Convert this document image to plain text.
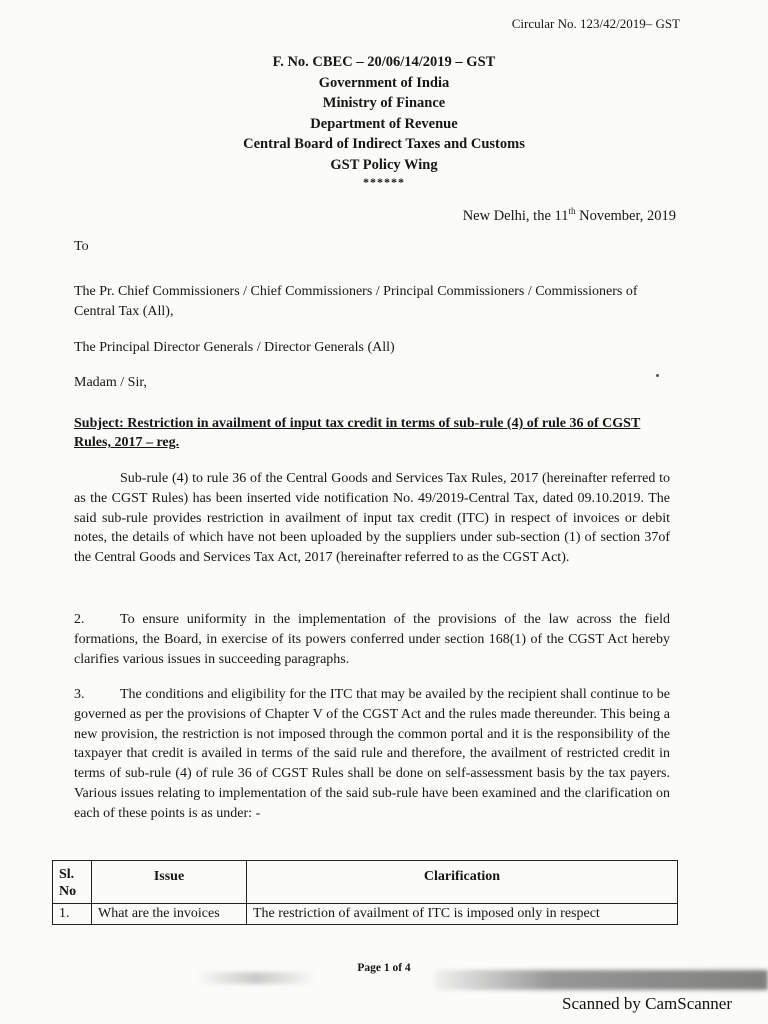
Circular No. 123/42/2019– GST
F. No. CBEC – 20/06/14/2019 – GST
Government of India
Ministry of Finance
Department of Revenue
Central Board of Indirect Taxes and Customs
GST Policy Wing
******
New Delhi, the 11th November, 2019
To
The Pr. Chief Commissioners / Chief Commissioners / Principal Commissioners / Commissioners of Central Tax (All),
The Principal Director Generals / Director Generals (All)
Madam / Sir,
Subject: Restriction in availment of input tax credit in terms of sub-rule (4) of rule 36 of CGST Rules, 2017 – reg.
Sub-rule (4) to rule 36 of the Central Goods and Services Tax Rules, 2017 (hereinafter referred to as the CGST Rules) has been inserted vide notification No. 49/2019-Central Tax, dated 09.10.2019. The said sub-rule provides restriction in availment of input tax credit (ITC) in respect of invoices or debit notes, the details of which have not been uploaded by the suppliers under sub-section (1) of section 37of the Central Goods and Services Tax Act, 2017 (hereinafter referred to as the CGST Act).
2.	To ensure uniformity in the implementation of the provisions of the law across the field formations, the Board, in exercise of its powers conferred under section 168(1) of the CGST Act hereby clarifies various issues in succeeding paragraphs.
3.	The conditions and eligibility for the ITC that may be availed by the recipient shall continue to be governed as per the provisions of Chapter V of the CGST Act and the rules made thereunder. This being a new provision, the restriction is not imposed through the common portal and it is the responsibility of the taxpayer that credit is availed in terms of the said rule and therefore, the availment of restricted credit in terms of sub-rule (4) of rule 36 of CGST Rules shall be done on self-assessment basis by the tax payers. Various issues relating to implementation of the said sub-rule have been examined and the clarification on each of these points is as under: -
Sl. No	Issue	Clarification
1.	What are the invoices	The restriction of availment of ITC is imposed only in respect
Page 1 of 4
Scanned by CamScanner
